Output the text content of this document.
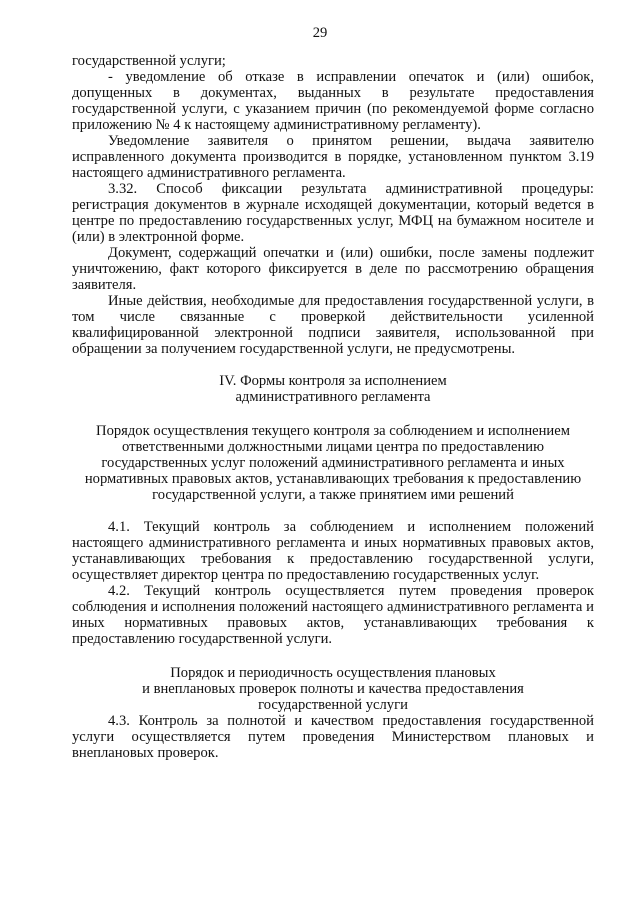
29

государственной услуги;

- уведомление об отказе в исправлении опечаток и (или) ошибок, допущенных в документах, выданных в результате предоставления государственной услуги, с указанием причин (по рекомендуемой форме согласно приложению № 4 к настоящему административному регламенту).

Уведомление заявителя о принятом решении, выдача заявителю исправленного документа производится в порядке, установленном пунктом 3.19 настоящего административного регламента.

3.32. Способ фиксации результата административной процедуры: регистрация документов в журнале исходящей документации, который ведется в центре по предоставлению государственных услуг, МФЦ на бумажном носителе и (или) в электронной форме.

Документ, содержащий опечатки и (или) ошибки, после замены подлежит уничтожению, факт которого фиксируется в деле по рассмотрению обращения заявителя.

Иные действия, необходимые для предоставления государственной услуги, в том числе связанные с проверкой действительности усиленной квалифицированной электронной подписи заявителя, использованной при обращении за получением государственной услуги, не предусмотрены.

IV. Формы контроля за исполнением
административного регламента
Порядок осуществления текущего контроля за соблюдением и исполнением
ответственными должностными лицами центра по предоставлению
государственных услуг положений административного регламента и иных
нормативных правовых актов, устанавливающих требования к предоставлению
государственной услуги, а также принятием ими решений

4.1. Текущий контроль за соблюдением и исполнением положений настоящего административного регламента и иных нормативных правовых актов, устанавливающих требования к предоставлению государственной услуги, осуществляет директор центра по предоставлению государственных услуг.

4.2. Текущий контроль осуществляется путем проведения проверок соблюдения и исполнения положений настоящего административного регламента и иных нормативных правовых актов, устанавливающих требования к предоставлению государственной услуги.

Порядок и периодичность осуществления плановых
и внеплановых проверок полноты и качества предоставления
государственной услуги

4.3. Контроль за полнотой и качеством предоставления государственной услуги осуществляется путем проведения Министерством плановых и внеплановых проверок.
